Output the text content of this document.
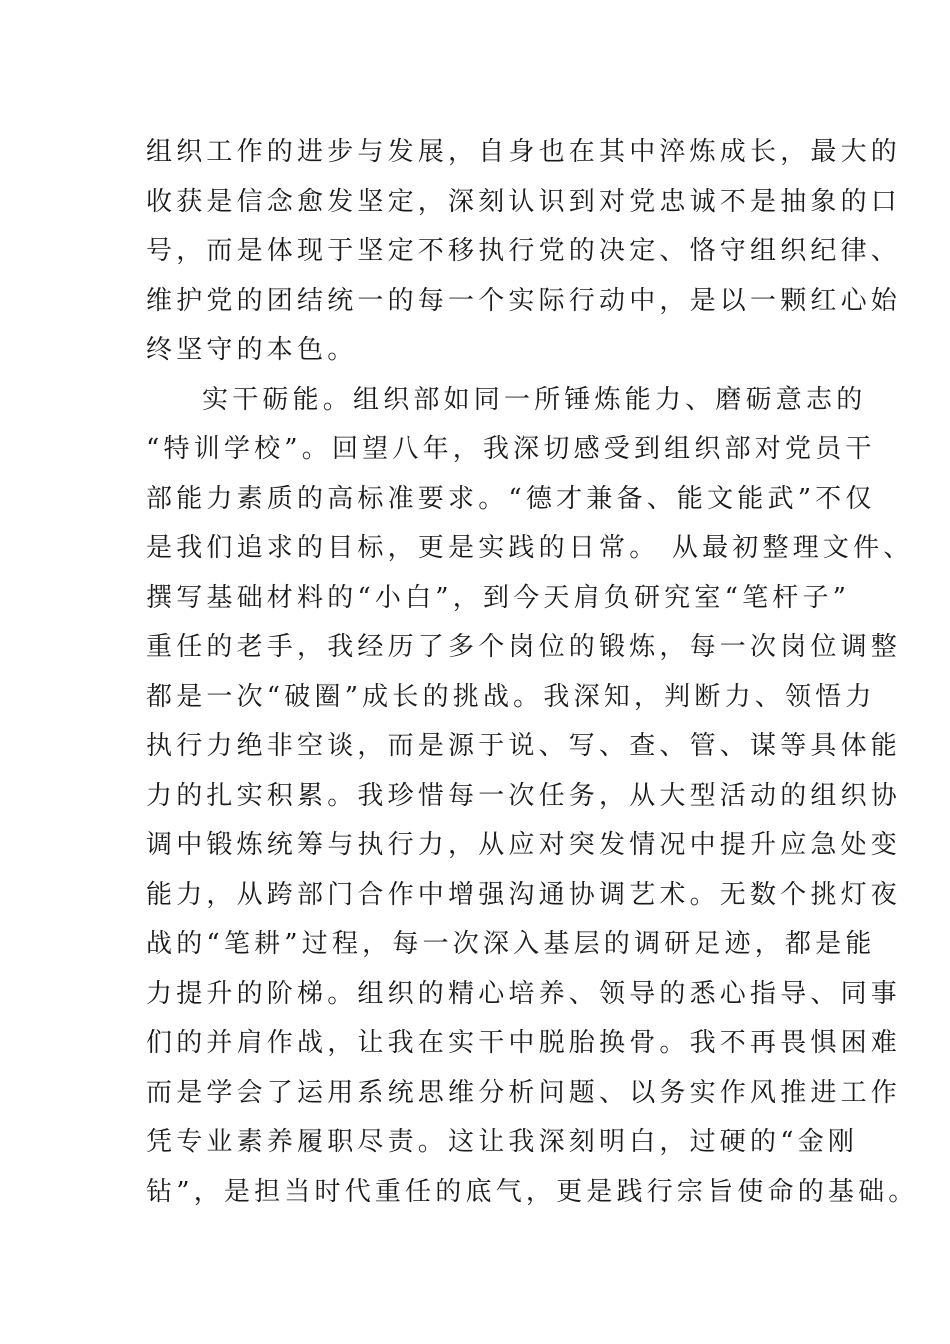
组织工作的进步与发展，自身也在其中淬炼成长，最大的
收获是信念愈发坚定，深刻认识到对党忠诚不是抽象的口
号，而是体现于坚定不移执行党的决定、恪守组织纪律、
维护党的团结统一的每一个实际行动中，是以一颗红心始
终坚守的本色。
实干砺能。组织部如同一所锤炼能力、磨砺意志的
“特训学校”。回望八年，我深切感受到组织部对党员干
部能力素质的高标准要求。“德才兼备、能文能武”不仅
是我们追求的目标，更是实践的日常。 从最初整理文件、
撰写基础材料的“小白”，到今天肩负研究室“笔杆子”
重任的老手，我经历了多个岗位的锻炼，每一次岗位调整
都是一次“破圈”成长的挑战。我深知，判断力、领悟力
执行力绝非空谈，而是源于说、写、查、管、谋等具体能
力的扎实积累。我珍惜每一次任务，从大型活动的组织协
调中锻炼统筹与执行力，从应对突发情况中提升应急处变
能力，从跨部门合作中增强沟通协调艺术。无数个挑灯夜
战的“笔耕”过程，每一次深入基层的调研足迹，都是能
力提升的阶梯。组织的精心培养、领导的悉心指导、同事
们的并肩作战，让我在实干中脱胎换骨。我不再畏惧困难
而是学会了运用系统思维分析问题、以务实作风推进工作
凭专业素养履职尽责。这让我深刻明白，过硬的“金刚
钻”，是担当时代重任的底气，更是践行宗旨使命的基础。
